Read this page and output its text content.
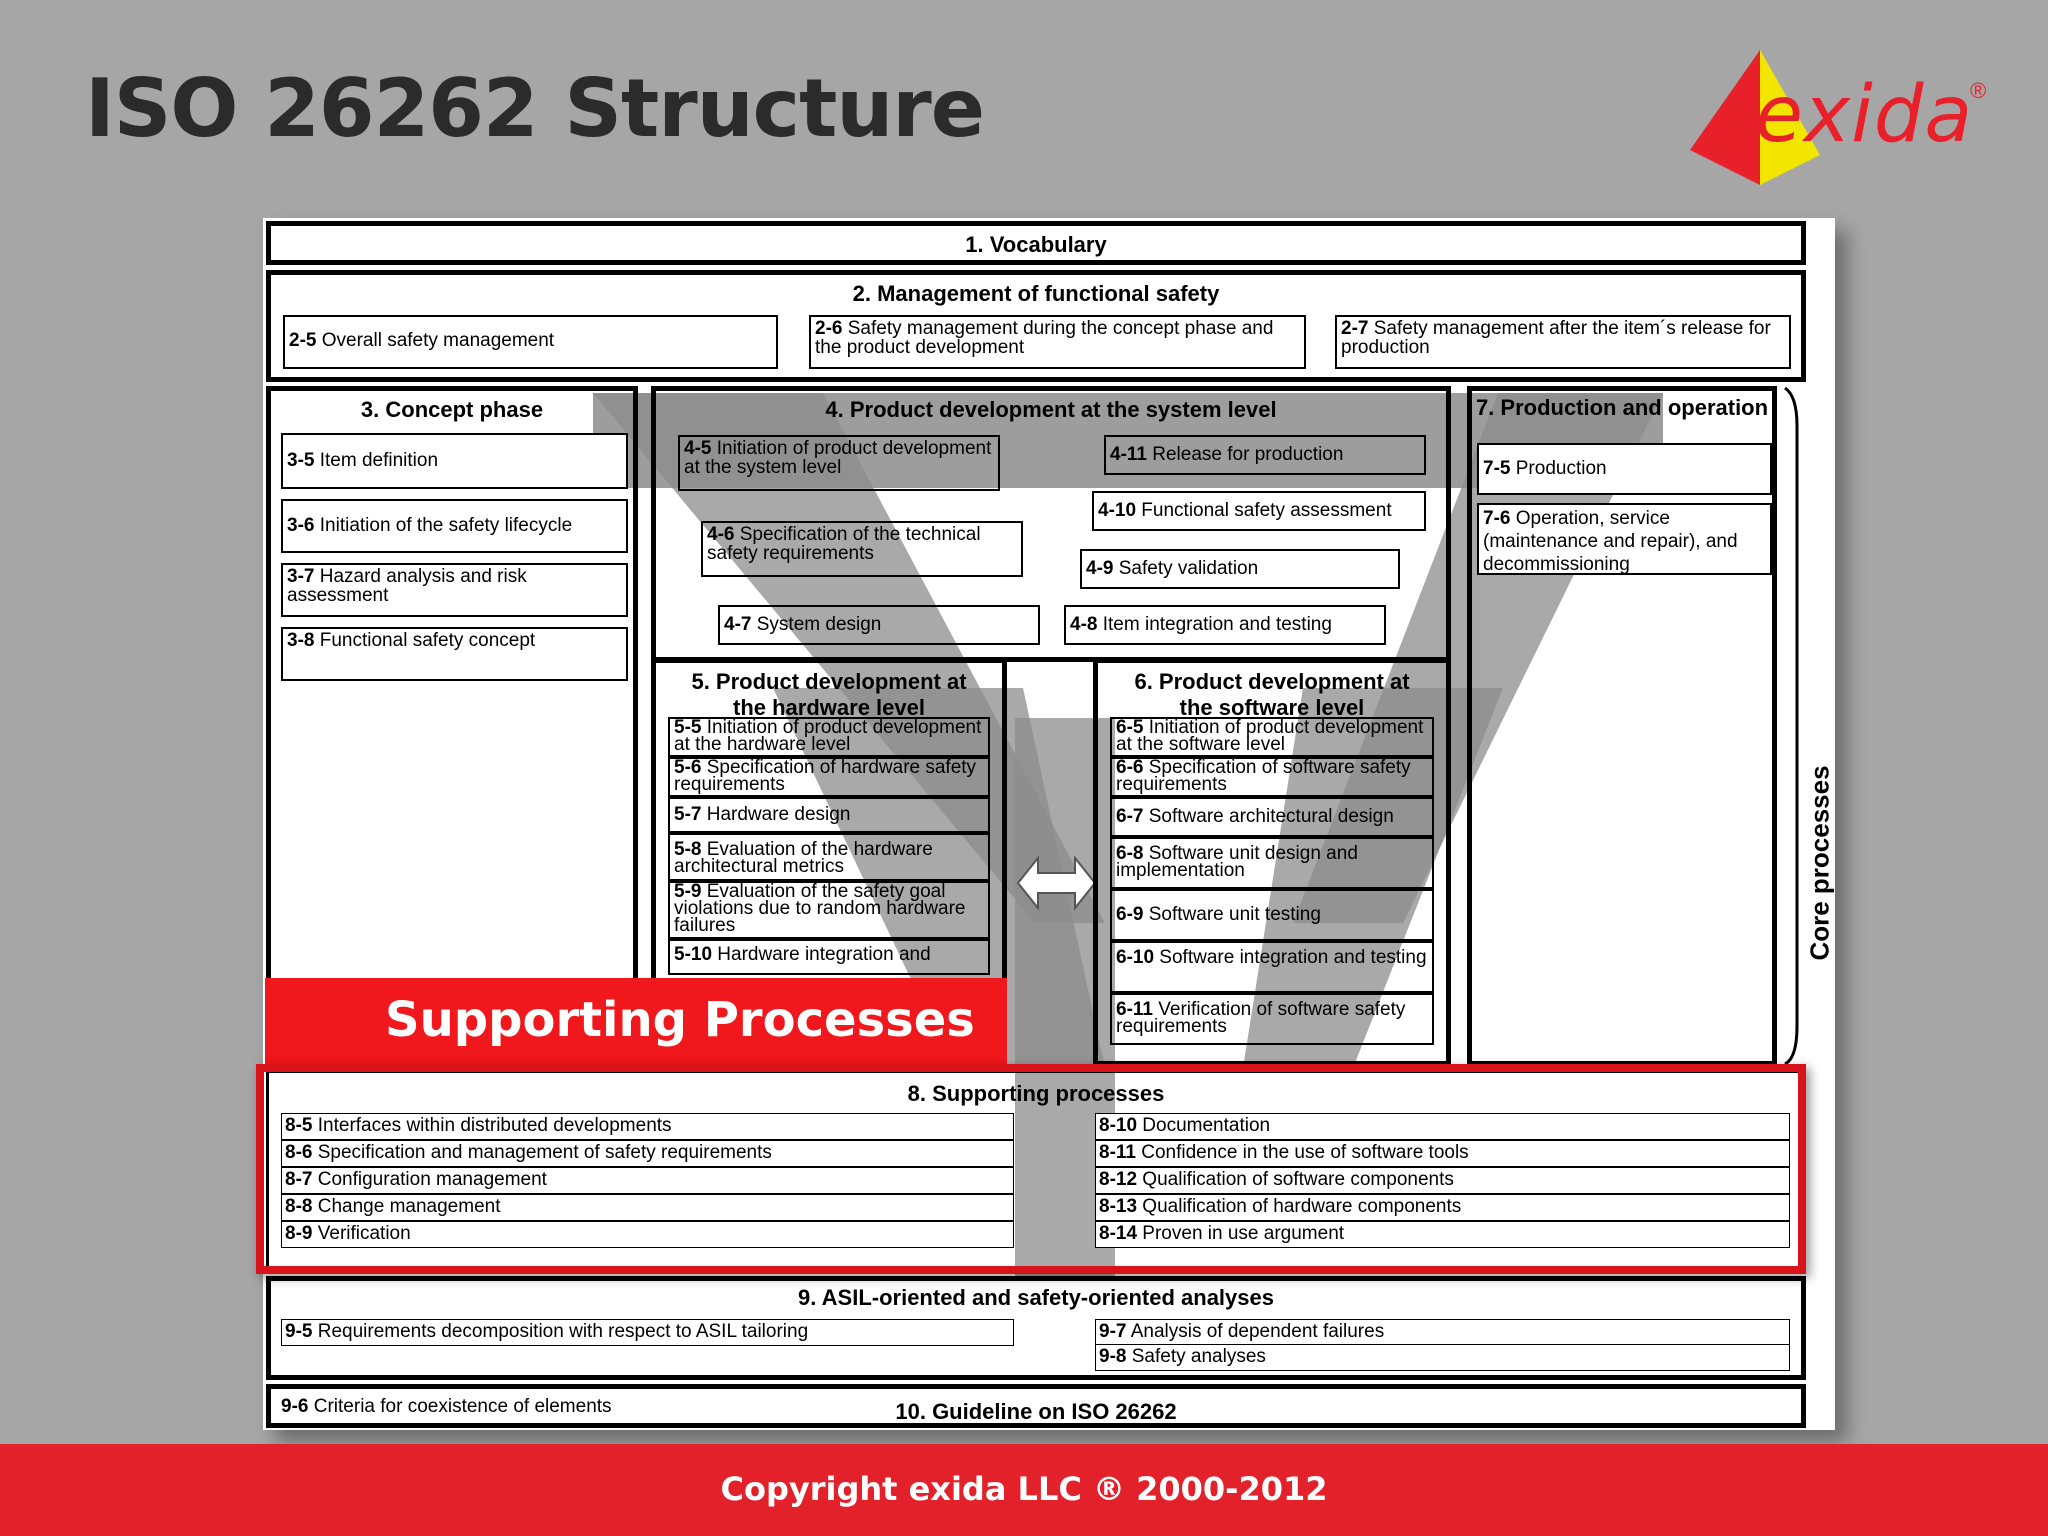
ISO 26262 Structure	exida
®
1. Vocabulary
2. Management of functional safety
2-5 Overall safety management
2-6 Safety management during the concept phase and the product development
2-7 Safety management after the item´s release for production
3. Concept phase
3-5 Item definition
3-6 Initiation of the safety lifecycle
3-7 Hazard analysis and risk assessment
3-8 Functional safety concept
4. Product development at the system level
4-5 Initiation of product development at the system level
4-11 Release for production
4-10 Functional safety assessment
4-6 Specification of the technical safety requirements
4-9 Safety validation
4-7 System design	4-8 Item integration and testing
5. Product development at the hardware level
5-5 Initiation of product development at the hardware level
5-6 Specification of hardware safety requirements
5-7 Hardware design
5-8 Evaluation of the hardware architectural metrics
5-9 Evaluation of the safety goal violations due to random hardware failures
5-10 Hardware integration and
6. Product development at the software level
6-5 Initiation of product development at the software level
6-6 Specification of software safety requirements
6-7 Software architectural design
6-8 Software unit design and implementation
6-9 Software unit testing
6-10 Software integration and testing
6-11 Verification of software safety requirements
7. Production and operation
7-5 Production
7-6 Operation, service (maintenance and repair), and decommissioning
Core processes
8. Supporting processes
8-5 Interfaces within distributed developments
8-6 Specification and management of safety requirements
8-7 Configuration management
8-8 Change management
8-9 Verification
8-10 Documentation
8-11 Confidence in the use of software tools
8-12 Qualification of software components
8-13 Qualification of hardware components
8-14 Proven in use argument
9. ASIL-oriented and safety-oriented analyses
9-5 Requirements decomposition with respect to ASIL tailoring	9-7 Analysis of dependent failures
9-8 Safety analyses
9-6 Criteria for coexistence of elements	10. Guideline on ISO 26262
Supporting Processes
Copyright exida LLC ® 2000-2012
